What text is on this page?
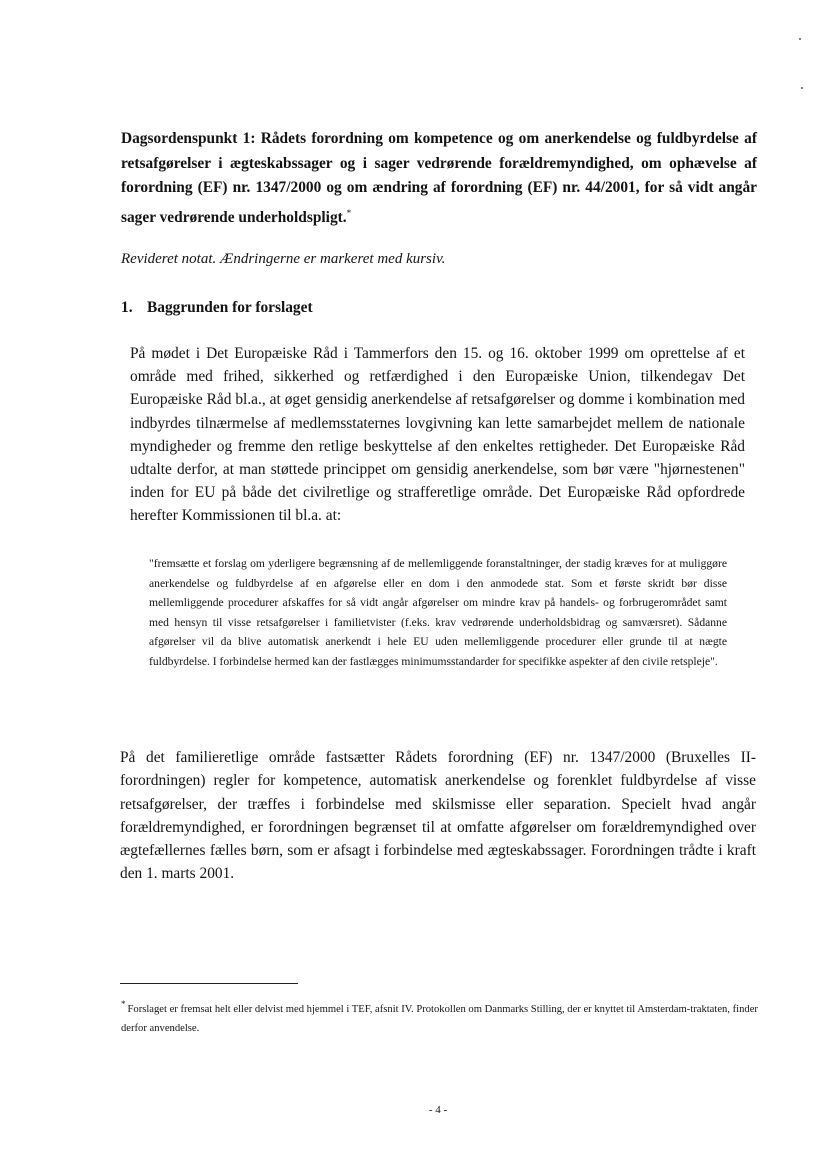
Dagsordenspunkt 1: Rådets forordning om kompetence og om anerkendelse og fuldbyrdelse af retsafgørelser i ægteskabssager og i sager vedrørende forældremyndighed, om ophævelse af forordning (EF) nr. 1347/2000 og om ændring af forordning (EF) nr. 44/2001, for så vidt angår sager vedrørende underholdspligt.*
Revideret notat. Ændringerne er markeret med kursiv.
1. Baggrunden for forslaget
På mødet i Det Europæiske Råd i Tammerfors den 15. og 16. oktober 1999 om oprettelse af et område med frihed, sikkerhed og retfærdighed i den Europæiske Union, tilkendegav Det Europæiske Råd bl.a., at øget gensidig anerkendelse af retsafgørelser og domme i kombination med indbyrdes tilnærmelse af medlemsstaternes lovgivning kan lette samarbejdet mellem de nationale myndigheder og fremme den retlige beskyttelse af den enkeltes rettigheder. Det Europæiske Råd udtalte derfor, at man støttede princippet om gensidig anerkendelse, som bør være "hjørnestenen" inden for EU på både det civilretlige og strafferetlige område. Det Europæiske Råd opfordrede herefter Kommissionen til bl.a. at:
"fremsætte et forslag om yderligere begrænsning af de mellemliggende foranstaltninger, der stadig kræves for at muliggøre anerkendelse og fuldbyrdelse af en afgørelse eller en dom i den anmodede stat. Som et første skridt bør disse mellemliggende procedurer afskaffes for så vidt angår afgørelser om mindre krav på handels- og forbrugerområdet samt med hensyn til visse retsafgørelser i familietvister (f.eks. krav vedrørende underholdsbidrag og samværsret). Sådanne afgørelser vil da blive automatisk anerkendt i hele EU uden mellemliggende procedurer eller grunde til at nægte fuldbyrdelse. I forbindelse hermed kan der fastlægges minimumsstandarder for specifikke aspekter af den civile retspleje".
På det familieretlige område fastsætter Rådets forordning (EF) nr. 1347/2000 (Bruxelles II-forordningen) regler for kompetence, automatisk anerkendelse og forenklet fuldbyrdelse af visse retsafgørelser, der træffes i forbindelse med skilsmisse eller separation. Specielt hvad angår forældremyndighed, er forordningen begrænset til at omfatte afgørelser om forældremyndighed over ægtefællernes fælles børn, som er afsagt i forbindelse med ægteskabssager. Forordningen trådte i kraft den 1. marts 2001.
* Forslaget er fremsat helt eller delvist med hjemmel i TEF, afsnit IV. Protokollen om Danmarks Stilling, der er knyttet til Amsterdam-traktaten, finder derfor anvendelse.
- 4 -
